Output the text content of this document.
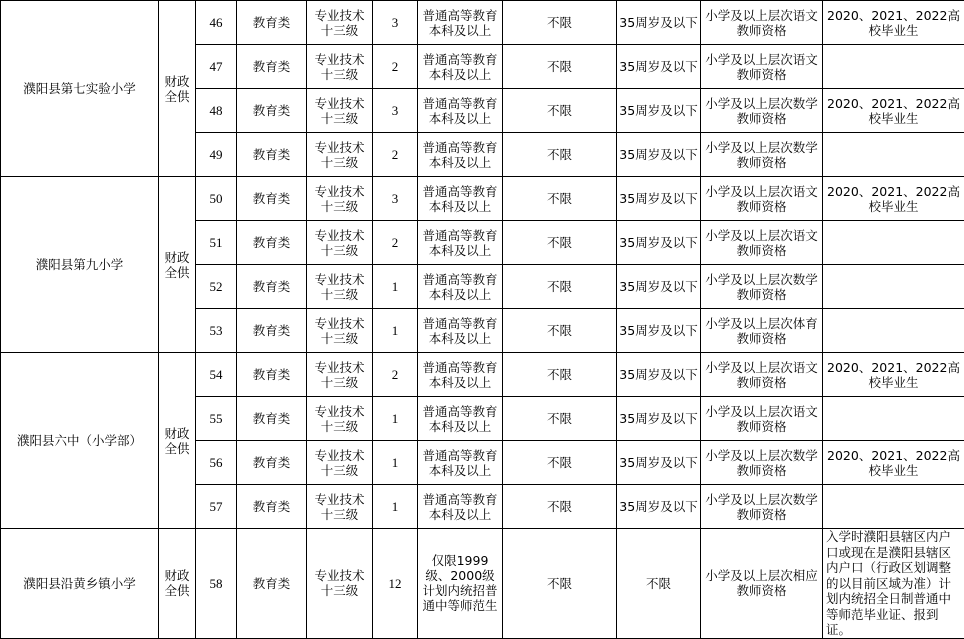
濮阳县第七实验小学	财政全供	46	教育类	专业技术十三级	3	普通高等教育本科及以上	不限	35周岁及以下	小学及以上层次语文教师资格	2020、2021、2022高校毕业生
		47	教育类	专业技术十三级	2	普通高等教育本科及以上	不限	35周岁及以下	小学及以上层次语文教师资格	
		48	教育类	专业技术十三级	3	普通高等教育本科及以上	不限	35周岁及以下	小学及以上层次数学教师资格	2020、2021、2022高校毕业生
		49	教育类	专业技术十三级	2	普通高等教育本科及以上	不限	35周岁及以下	小学及以上层次数学教师资格	
濮阳县第九小学	财政全供	50	教育类	专业技术十三级	3	普通高等教育本科及以上	不限	35周岁及以下	小学及以上层次语文教师资格	2020、2021、2022高校毕业生
		51	教育类	专业技术十三级	2	普通高等教育本科及以上	不限	35周岁及以下	小学及以上层次语文教师资格	
		52	教育类	专业技术十三级	1	普通高等教育本科及以上	不限	35周岁及以下	小学及以上层次数学教师资格	
		53	教育类	专业技术十三级	1	普通高等教育本科及以上	不限	35周岁及以下	小学及以上层次体育教师资格	
濮阳县六中（小学部）	财政全供	54	教育类	专业技术十三级	2	普通高等教育本科及以上	不限	35周岁及以下	小学及以上层次语文教师资格	2020、2021、2022高校毕业生
		55	教育类	专业技术十三级	1	普通高等教育本科及以上	不限	35周岁及以下	小学及以上层次语文教师资格	
		56	教育类	专业技术十三级	1	普通高等教育本科及以上	不限	35周岁及以下	小学及以上层次数学教师资格	2020、2021、2022高校毕业生
		57	教育类	专业技术十三级	1	普通高等教育本科及以上	不限	35周岁及以下	小学及以上层次数学教师资格	
濮阳县沿黄乡镇小学	财政全供	58	教育类	专业技术十三级	12	仅限1999级、2000级计划内统招普通中等师范生	不限	不限	小学及以上层次相应教师资格	入学时濮阳县辖区内户口或现在是濮阳县辖区内户口（行政区划调整的以目前区域为准）计划内统招全日制普通中等师范毕业证、报到证。
